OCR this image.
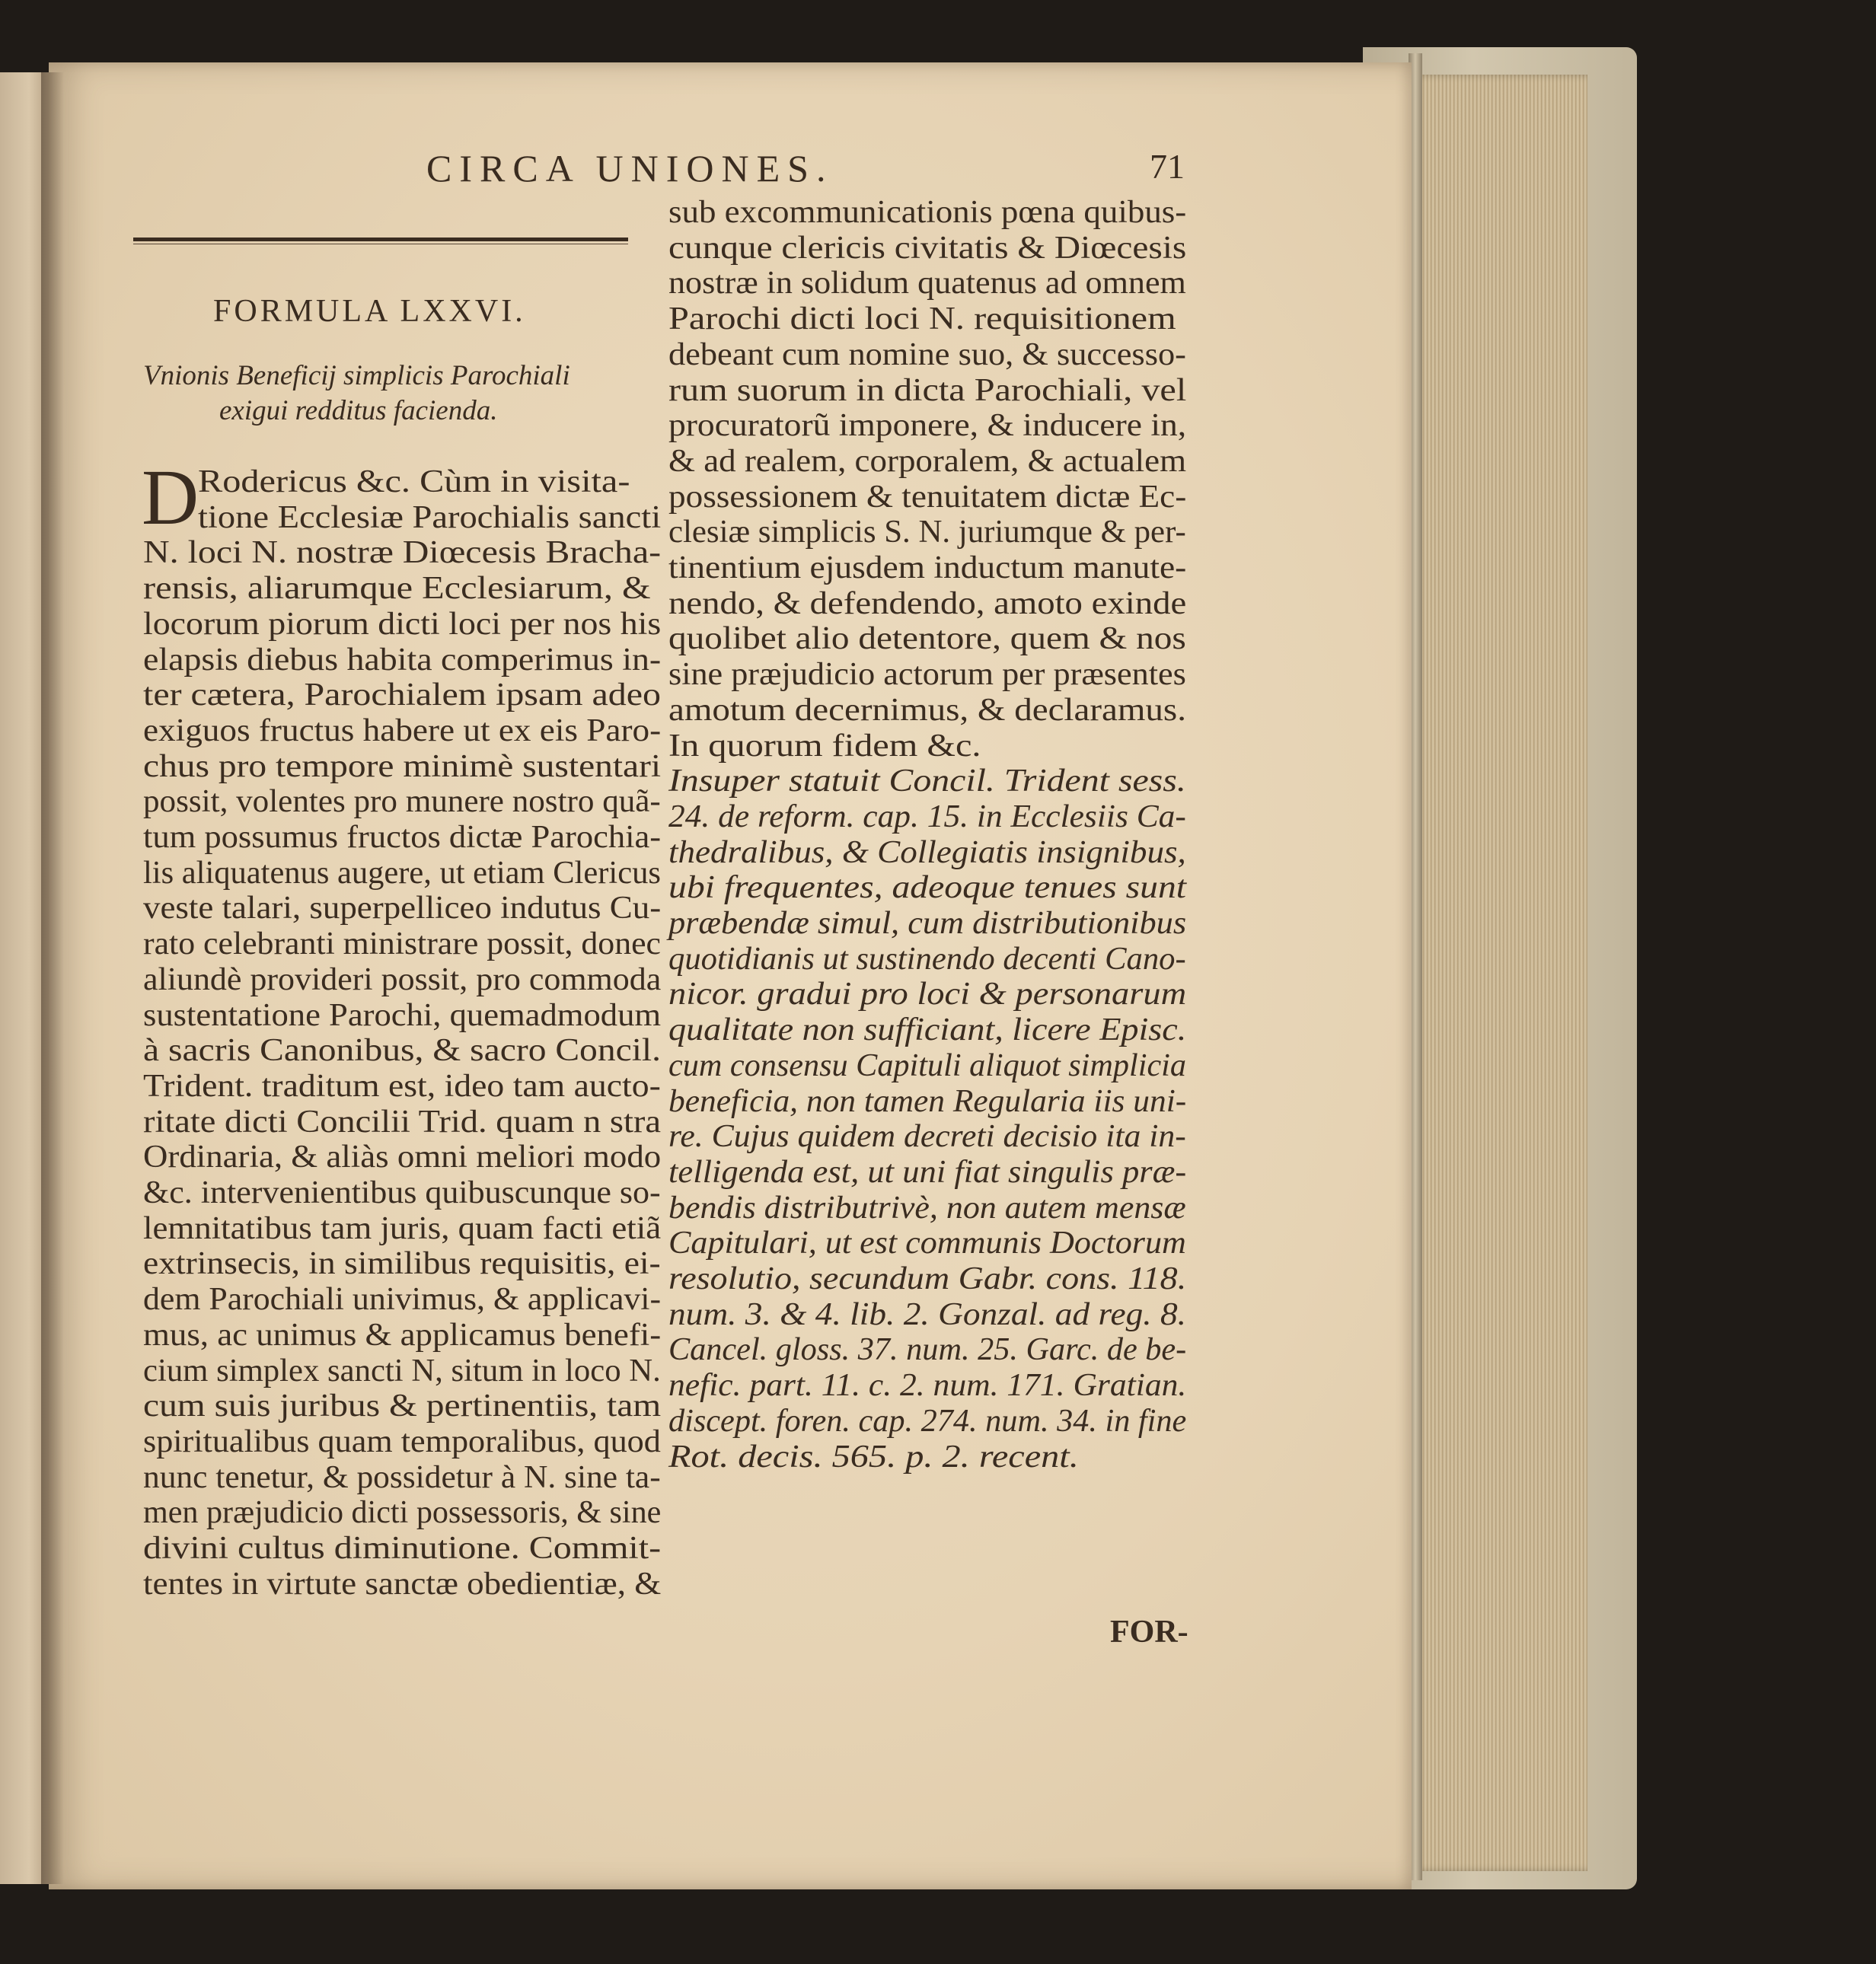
CIRCA UNIONES.	71
FORMULA LXXVI.
Vnionis Beneficij simplicis Parochiali
exigui redditus facienda.
D
Rodericus &c. Cùm in visita-
tione Ecclesiæ Parochialis sancti
N. loci N. nostræ Diœcesis Bracha-
rensis, aliarumque Ecclesiarum, &
locorum piorum dicti loci per nos his
elapsis diebus habita comperimus in-
ter cætera, Parochialem ipsam adeo
exiguos fructus habere ut ex eis Paro-
chus pro tempore minimè sustentari
possit, volentes pro munere nostro quã-
tum possumus fructos dictæ Parochia-
lis aliquatenus augere, ut etiam Clericus
veste talari, superpelliceo indutus Cu-
rato celebranti ministrare possit, donec
aliundè provideri possit, pro commoda
sustentatione Parochi, quemadmodum
à sacris Canonibus, & sacro Concil.
Trident. traditum est, ideo tam aucto-
ritate dicti Concilii Trid. quam n stra
Ordinaria, & aliàs omni meliori modo
&c. intervenientibus quibuscunque so-
lemnitatibus tam juris, quam facti etiã
extrinsecis, in similibus requisitis, ei-
dem Parochiali univimus, & applicavi-
mus, ac unimus & applicamus benefi-
cium simplex sancti N, situm in loco N.
cum suis juribus & pertinentiis, tam
spiritualibus quam temporalibus, quod
nunc tenetur, & possidetur à N. sine ta-
men præjudicio dicti possessoris, & sine
divini cultus diminutione. Commit-
tentes in virtute sanctæ obedientiæ, &
sub excommunicationis pœna quibus-
cunque clericis civitatis & Diœcesis
nostræ in solidum quatenus ad omnem
Parochi dicti loci N. requisitionem
debeant cum nomine suo, & successo-
rum suorum in dicta Parochiali, vel
procuratorũ imponere, & inducere in,
& ad realem, corporalem, & actualem
possessionem & tenuitatem dictæ Ec-
clesiæ simplicis S. N. juriumque & per-
tinentium ejusdem inductum manute-
nendo, & defendendo, amoto exinde
quolibet alio detentore, quem & nos
sine præjudicio actorum per præsentes
amotum decernimus, & declaramus.
In quorum fidem &c.
Insuper statuit Concil. Trident sess.
24. de reform. cap. 15. in Ecclesiis Ca-
thedralibus, & Collegiatis insignibus,
ubi frequentes, adeoque tenues sunt
præbendæ simul, cum distributionibus
quotidianis ut sustinendo decenti Cano-
nicor. gradui pro loci & personarum
qualitate non sufficiant, licere Episc.
cum consensu Capituli aliquot simplicia
beneficia, non tamen Regularia iis uni-
re. Cujus quidem decreti decisio ita in-
telligenda est, ut uni fiat singulis præ-
bendis distributrivè, non autem mensæ
Capitulari, ut est communis Doctorum
resolutio, secundum Gabr. cons. 118.
num. 3. & 4. lib. 2. Gonzal. ad reg. 8.
Cancel. gloss. 37. num. 25. Garc. de be-
nefic. part. 11. c. 2. num. 171. Gratian.
discept. foren. cap. 274. num. 34. in fine
Rot. decis. 565. p. 2. recent.
FOR-
